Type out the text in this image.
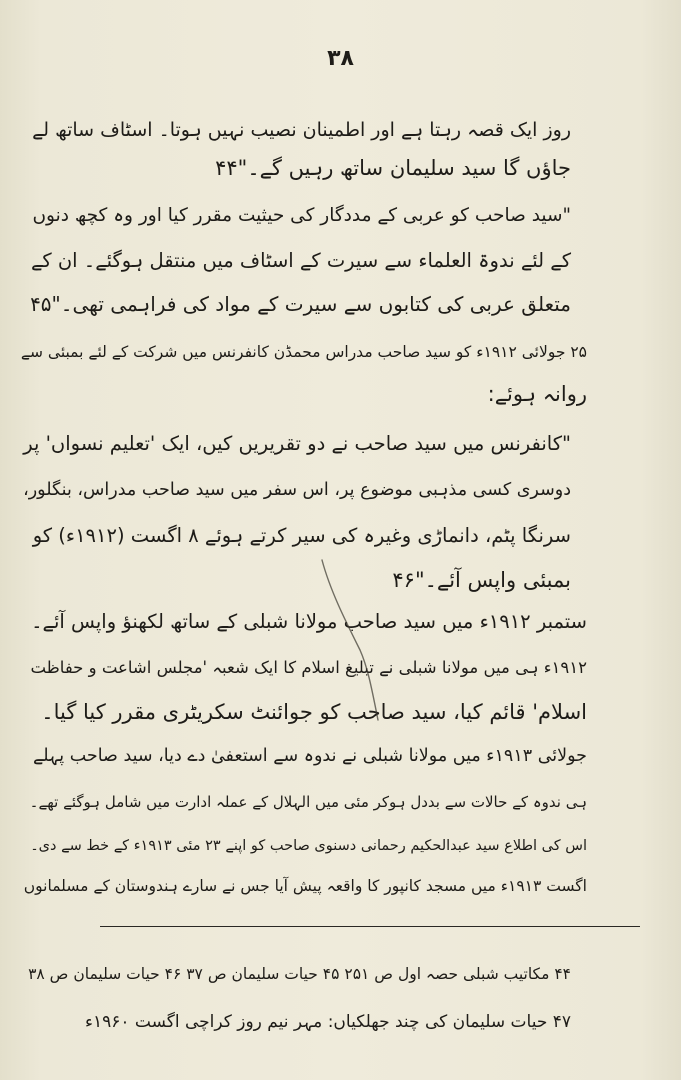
۳۸
روز ایک قصہ رہتا ہے اور اطمینان نصیب نہیں ہوتا۔ اسٹاف ساتھ لے
جاؤں گا سید سلیمان ساتھ رہیں گے۔"۴۴
"سید صاحب کو عربی کے مددگار کی حیثیت مقرر کیا اور وہ کچھ دنوں
کے لئے ندوۃ العلماء سے سیرت کے اسٹاف میں منتقل ہوگئے۔ ان کے
متعلق عربی کی کتابوں سے سیرت کے مواد کی فراہمی تھی۔"۴۵
۲۵ جولائی ۱۹۱۲ء کو سید صاحب مدراس محمڈن کانفرنس میں شرکت کے لئے بمبئی سے
روانہ ہوئے:
"کانفرنس میں سید صاحب نے دو تقریریں کیں، ایک 'تعلیم نسواں' پر
دوسری کسی مذہبی موضوع پر، اس سفر میں سید صاحب مدراس، بنگلور،
سرنگا پٹم، دانماڑی وغیرہ کی سیر کرتے ہوئے ۸ اگست (۱۹۱۲ء) کو
بمبئی واپس آئے۔"۴۶
ستمبر ۱۹۱۲ء میں سید صاحب مولانا شبلی کے ساتھ لکھنؤ واپس آئے۔
۱۹۱۲ء ہی میں مولانا شبلی نے تبلیغ اسلام کا ایک شعبہ 'مجلس اشاعت و حفاظت
اسلام' قائم کیا، سید صاحب کو جوائنٹ سکریٹری مقرر کیا گیا۔
جولائی ۱۹۱۳ء میں مولانا شبلی نے ندوہ سے استعفیٰ دے دیا، سید صاحب پہلے
ہی ندوہ کے حالات سے بددل ہوکر مئی میں الہلال کے عملہ ادارت میں شامل ہوگئے تھے۔
اس کی اطلاع سید عبدالحکیم رحمانی دسنوی صاحب کو اپنے ۲۳ مئی ۱۹۱۳ء کے خط سے دی۔
اگست ۱۹۱۳ء میں مسجد کانپور کا واقعہ پیش آیا جس نے سارے ہندوستان کے مسلمانوں
۴۴ مکاتیب شبلی حصہ اول ص ۲۵۱ ۴۵ حیات سلیمان ص ۳۷ ۴۶ حیات سلیمان ص ۳۸
۴۷ حیات سلیمان کی چند جھلکیاں: مہر نیم روز کراچی اگست ۱۹۶۰ء
